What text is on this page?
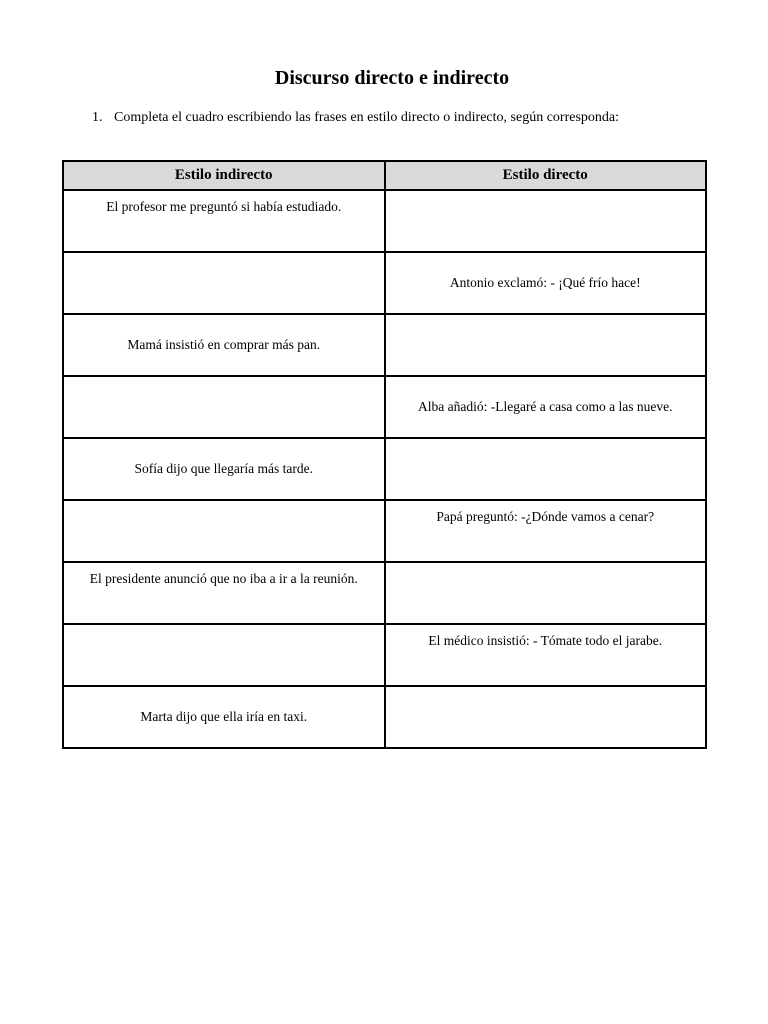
Discurso directo e indirecto
1. Completa el cuadro escribiendo las frases en estilo directo o indirecto, según corresponda:
Estilo indirecto	Estilo directo

El profesor me preguntó si había estudiado.	

	Antonio exclamó: - ¡Qué frío hace!
Mamá insistió en comprar más pan.	
	Alba añadió: -Llegaré a casa como a las nueve.
Sofía dijo que llegaría más tarde.	

	Papá preguntó: -¿Dónde vamos a cenar?

El presidente anunció que no iba a ir a la reunión.	

	El médico insistió: - Tómate todo el jarabe.

Marta dijo que ella iría en taxi.	
